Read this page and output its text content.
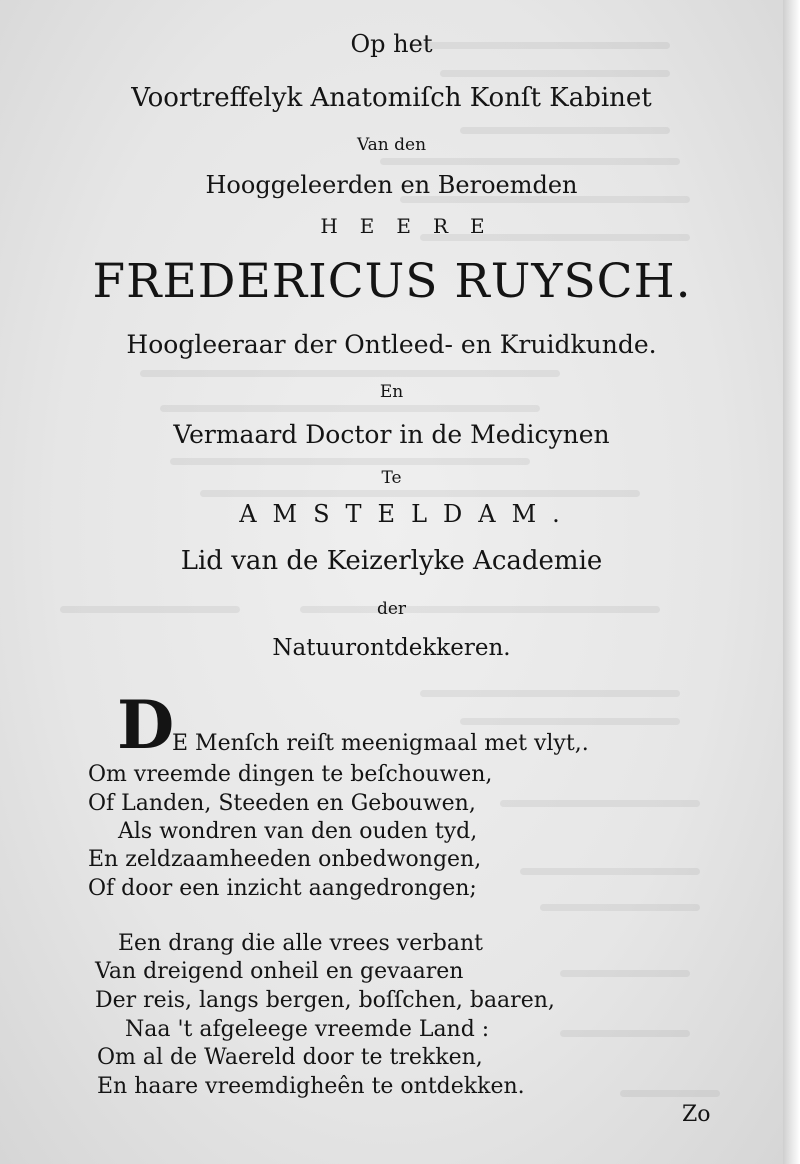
Op het
Voortreffelyk Anatomiſch Konſt Kabinet
Van den
Hooggeleerden en Beroemden
HEERE
FREDERICUS RUYSCH.
Hoogleeraar der Ontleed- en Kruidkunde.
En
Vermaard Doctor in de Medicynen
Te
AMSTELDAM.
Lid van de Keizerlyke Academie
der
Natuurontdekkeren.
D
E Menſch reiſt meenigmaal met vlyt,.
Om vreemde dingen te beſchouwen,
Of Landen, Steeden en Gebouwen,
Als wondren van den ouden tyd,
En zeldzaamheeden onbedwongen,
Of door een inzicht aangedrongen;
Een drang die alle vrees verbant
Van dreigend onheil en gevaaren
Der reis, langs bergen, boſſchen, baaren,
Naa 't afgeleege vreemde Land :
Om al de Waereld door te trekken,
En haare vreemdigheên te ontdekken.
Zo
